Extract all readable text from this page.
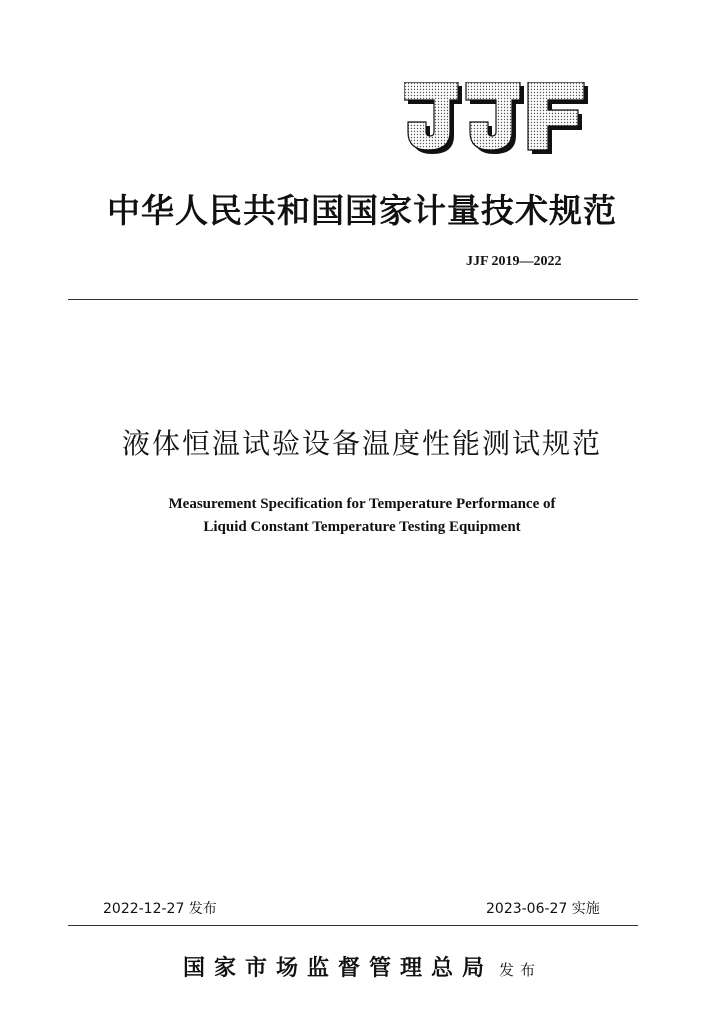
中华人民共和国国家计量技术规范
JJF 2019—2022
液体恒温试验设备温度性能测试规范
Measurement Specification for Temperature Performance of
Liquid Constant Temperature Testing Equipment
2022-12-27 发布	2023-06-27 实施
国家市场监督管理总局 发布
